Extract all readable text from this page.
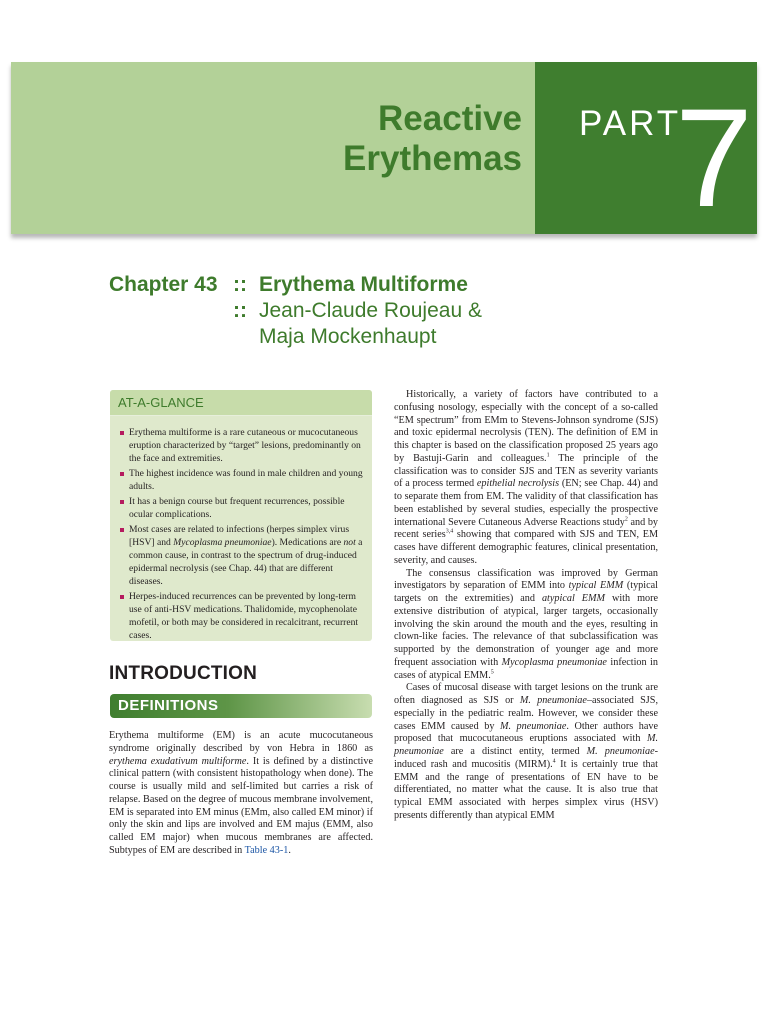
Reactive
Erythemas
PART
7
Chapter 43 :: Erythema Multiforme
:: Jean-Claude Roujeau &
Maja Mockenhaupt
AT-A-GLANCE
Erythema multiforme is a rare cutaneous or mucocutaneous eruption characterized by “target” lesions, predominantly on the face and extremities.
The highest incidence was found in male children and young adults.
It has a benign course but frequent recurrences, possible ocular complications.
Most cases are related to infections (herpes simplex virus [HSV] and Mycoplasma pneumoniae). Medications are not a common cause, in contrast to the spectrum of drug-induced epidermal necrolysis (see Chap. 44) that are different diseases.
Herpes-induced recurrences can be prevented by long-term use of anti-HSV medications. Thalidomide, mycophenolate mofetil, or both may be considered in recalcitrant, recurrent cases.
INTRODUCTION
DEFINITIONS

Erythema multiforme (EM) is an acute mucocutaneous syndrome originally described by von Hebra in 1860 as erythema exudativum multiforme. It is defined by a distinctive clinical pattern (with consistent histopathology when done). The course is usually mild and self-limited but carries a risk of relapse. Based on the degree of mucous membrane involvement, EM is separated into EM minus (EMm, also called EM minor) if only the skin and lips are involved and EM majus (EMM, also called EM major) when mucous membranes are affected. Subtypes of EM are described in Table 43-1.

Historically, a variety of factors have contributed to a confusing nosology, especially with the concept of a so-called “EM spectrum” from EMm to Stevens-Johnson syndrome (SJS) and toxic epidermal necrolysis (TEN). The definition of EM in this chapter is based on the classification proposed 25 years ago by Bastuji-Garin and colleagues.$^1$ The principle of the classification was to consider SJS and TEN as severity variants of a process termed epithelial necrolysis (EN; see Chap. 44) and to separate them from EM. The validity of that classification has been established by several studies, especially the prospective international Severe Cutaneous Adverse Reactions study$^2$ and by recent series$^{3,4}$ showing that compared with SJS and TEN, EM cases have different demographic features, clinical presentation, severity, and causes.

The consensus classification was improved by German investigators by separation of EMM into typical EMM (typical targets on the extremities) and atypical EMM with more extensive distribution of atypical, larger targets, occasionally involving the skin around the mouth and the eyes, resulting in clown-like facies. The relevance of that subclassification was supported by the demonstration of younger age and more frequent association with Mycoplasma pneumoniae infection in cases of atypical EMM.$^5$

Cases of mucosal disease with target lesions on the trunk are often diagnosed as SJS or M. pneumoniae–associated SJS, especially in the pediatric realm. However, we consider these cases EMM caused by M. pneumoniae. Other authors have proposed that mucocutaneous eruptions associated with M. pneumoniae are a distinct entity, termed M. pneumoniae-induced rash and mucositis (MIRM).$^4$ It is certainly true that EMM and the range of presentations of EN have to be differentiated, no matter what the cause. It is also true that typical EMM associated with herpes simplex virus (HSV) presents differently than atypical EMM
